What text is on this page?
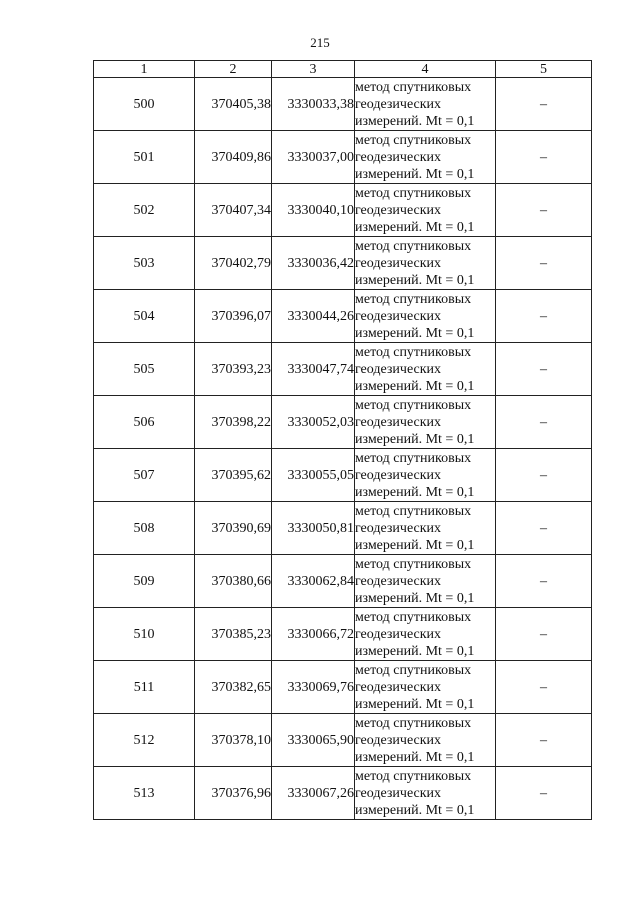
215
1	2	3	4	5
500	370405,38	3330033,38	метод спутниковых
геодезических
измерений. Mt = 0,1	–
501	370409,86	3330037,00	метод спутниковых
геодезических
измерений. Mt = 0,1	–
502	370407,34	3330040,10	метод спутниковых
геодезических
измерений. Mt = 0,1	–
503	370402,79	3330036,42	метод спутниковых
геодезических
измерений. Mt = 0,1	–
504	370396,07	3330044,26	метод спутниковых
геодезических
измерений. Mt = 0,1	–
505	370393,23	3330047,74	метод спутниковых
геодезических
измерений. Mt = 0,1	–
506	370398,22	3330052,03	метод спутниковых
геодезических
измерений. Mt = 0,1	–
507	370395,62	3330055,05	метод спутниковых
геодезических
измерений. Mt = 0,1	–
508	370390,69	3330050,81	метод спутниковых
геодезических
измерений. Mt = 0,1	–
509	370380,66	3330062,84	метод спутниковых
геодезических
измерений. Mt = 0,1	–
510	370385,23	3330066,72	метод спутниковых
геодезических
измерений. Mt = 0,1	–
511	370382,65	3330069,76	метод спутниковых
геодезических
измерений. Mt = 0,1	–
512	370378,10	3330065,90	метод спутниковых
геодезических
измерений. Mt = 0,1	–
513	370376,96	3330067,26	метод спутниковых
геодезических
измерений. Mt = 0,1	–
